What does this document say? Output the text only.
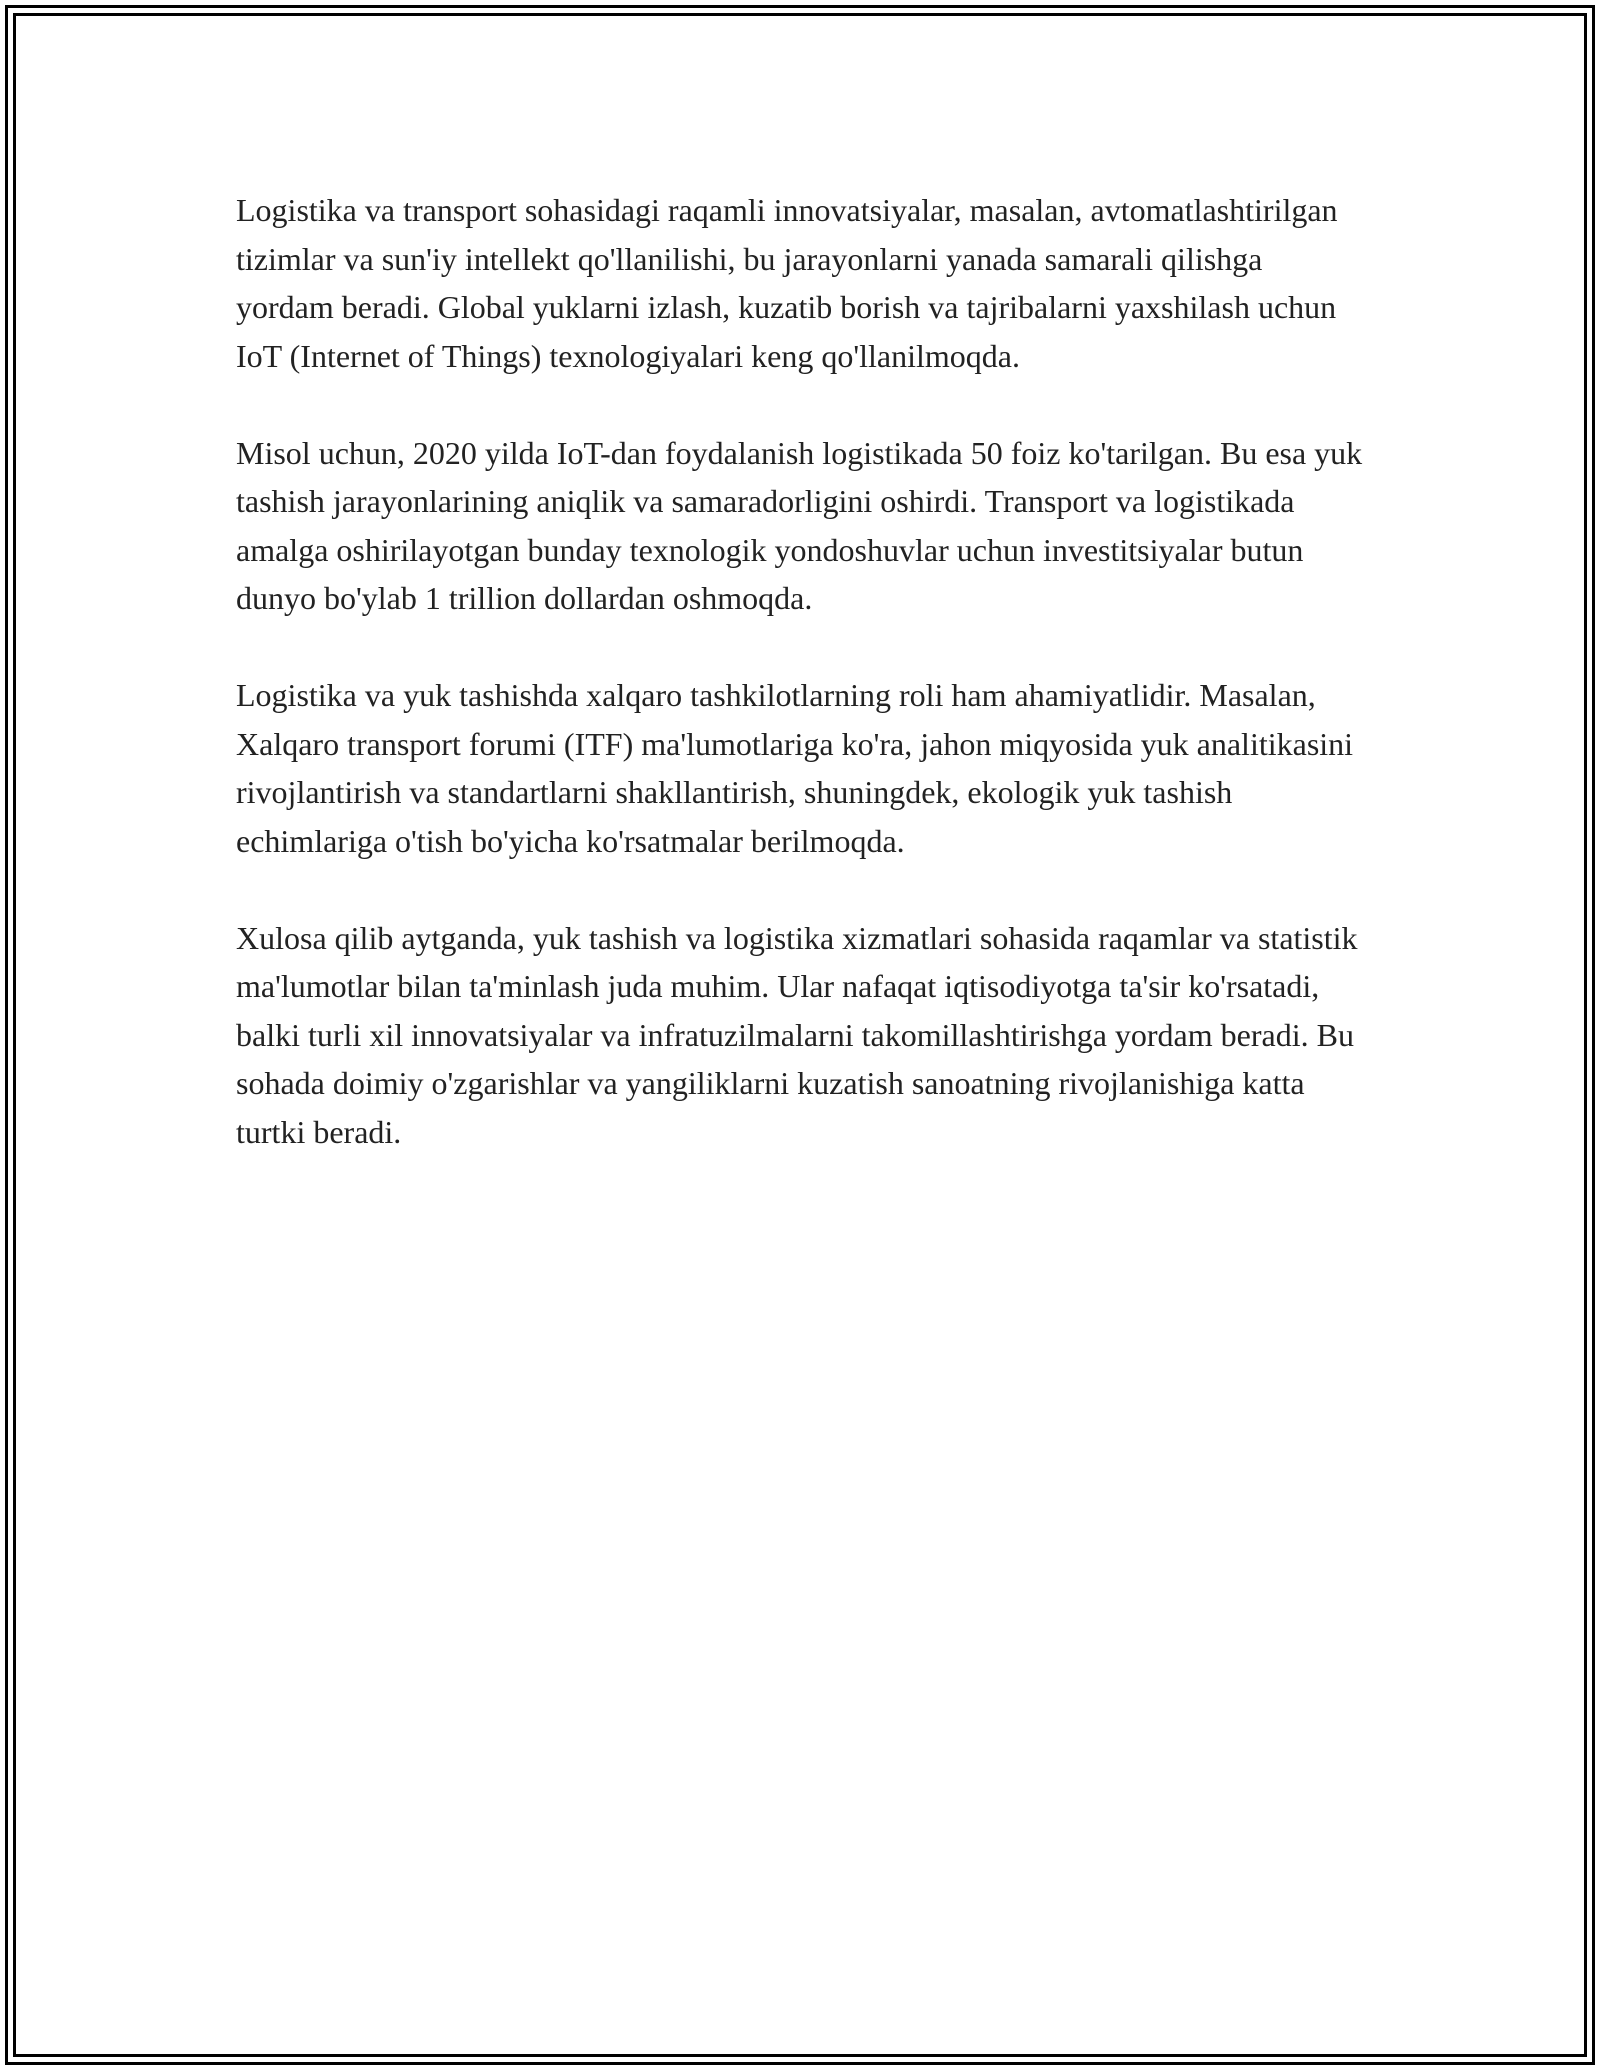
Logistika va transport sohasidagi raqamli innovatsiyalar, masalan, avtomatlashtirilgan tizimlar va sun'iy intellekt qo'llanilishi, bu jarayonlarni yanada samarali qilishga yordam beradi. Global yuklarni izlash, kuzatib borish va tajribalarni yaxshilash uchun IoT (Internet of Things) texnologiyalari keng qo'llanilmoqda.

Misol uchun, 2020 yilda IoT-dan foydalanish logistikada 50 foiz ko'tarilgan. Bu esa yuk tashish jarayonlarining aniqlik va samaradorligini oshirdi. Transport va logistikada amalga oshirilayotgan bunday texnologik yondoshuvlar uchun investitsiyalar butun dunyo bo'ylab 1 trillion dollardan oshmoqda.

Logistika va yuk tashishda xalqaro tashkilotlarning roli ham ahamiyatlidir. Masalan, Xalqaro transport forumi (ITF) ma'lumotlariga ko'ra, jahon miqyosida yuk analitikasini rivojlantirish va standartlarni shakllantirish, shuningdek, ekologik yuk tashish echimlariga o'tish bo'yicha ko'rsatmalar berilmoqda.

Xulosa qilib aytganda, yuk tashish va logistika xizmatlari sohasida raqamlar va statistik ma'lumotlar bilan ta'minlash juda muhim. Ular nafaqat iqtisodiyotga ta'sir ko'rsatadi, balki turli xil innovatsiyalar va infratuzilmalarni takomillashtirishga yordam beradi. Bu sohada doimiy o'zgarishlar va yangiliklarni kuzatish sanoatning rivojlanishiga katta turtki beradi.
